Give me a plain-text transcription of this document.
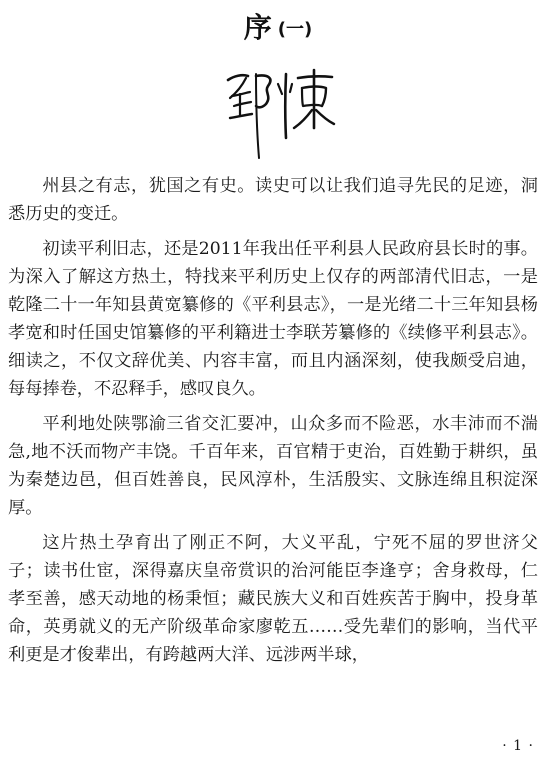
序 (一)

州县之有志，犹国之有史。读史可以让我们追寻先民的足迹，洞悉历史的变迁。

初读平利旧志，还是2011年我出任平利县人民政府县长时的事。为深入了解这方热土，特找来平利历史上仅存的两部清代旧志，一是乾隆二十一年知县黄宽纂修的《平利县志》，一是光绪二十三年知县杨孝宽和时任国史馆纂修的平利籍进士李联芳纂修的《续修平利县志》。细读之，不仅文辞优美、内容丰富，而且内涵深刻，使我颇受启迪，每每捧卷，不忍释手，感叹良久。

平利地处陕鄂渝三省交汇要冲，山众多而不险恶，水丰沛而不湍急,地不沃而物产丰饶。千百年来，百官精于吏治，百姓勤于耕织，虽为秦楚边邑，但百姓善良，民风淳朴，生活殷实、文脉连绵且积淀深厚。

这片热土孕育出了刚正不阿，大义平乱，宁死不屈的罗世济父子；读书仕宦，深得嘉庆皇帝赏识的治河能臣李逢亨；舍身救母，仁孝至善，感天动地的杨秉恒；藏民族大义和百姓疾苦于胸中，投身革命，英勇就义的无产阶级革命家廖乾五……受先辈们的影响，当代平利更是才俊辈出，有跨越两大洋、远涉两半球，

· 1 ·
